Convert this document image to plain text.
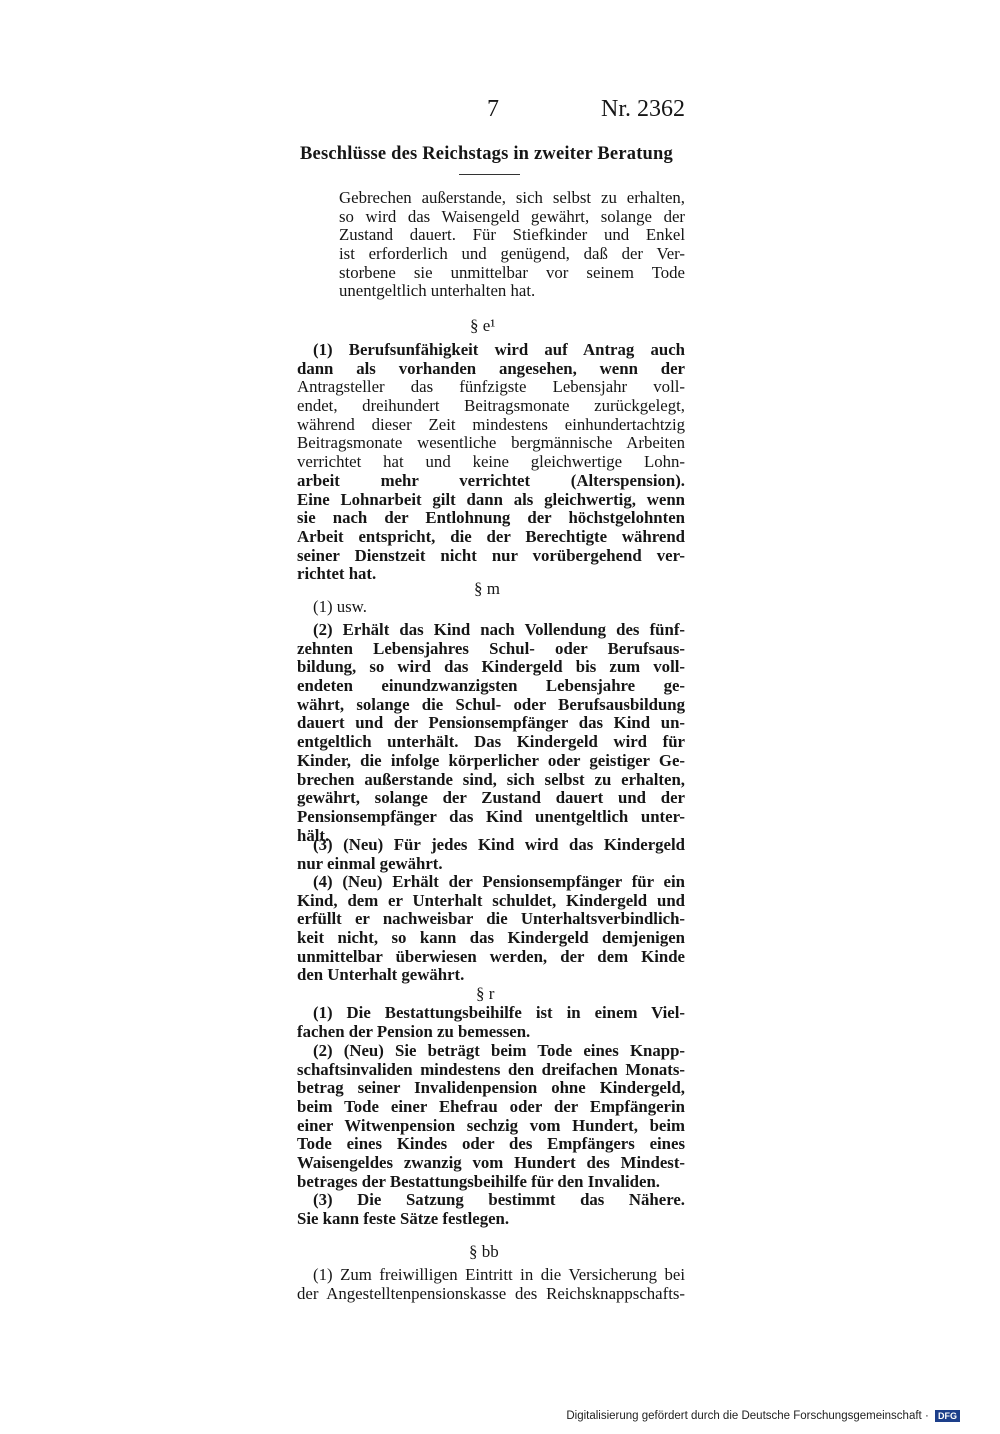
7	Nr. 2362
Beschlüsse des Reichstags in zweiter Beratung
Gebrechen außerstande, sich selbst zu erhalten,
so wird das Waisengeld gewährt, solange der
Zustand dauert. Für Stiefkinder und Enkel
ist erforderlich und genügend, daß der Ver-
storbene sie unmittelbar vor seinem Tode
unentgeltlich unterhalten hat.
§ e¹
(1) Berufsunfähigkeit wird auf Antrag auch
dann als vorhanden angesehen, wenn der
Antragsteller das fünfzigste Lebensjahr voll-
endet, dreihundert Beitragsmonate zurückgelegt,
während dieser Zeit mindestens einhundertachtzig
Beitragsmonate wesentliche bergmännische Arbeiten
verrichtet hat und keine gleichwertige Lohn-
arbeit mehr verrichtet (Alterspension).
Eine Lohnarbeit gilt dann als gleichwertig, wenn
sie nach der Entlohnung der höchstgelohnten
Arbeit entspricht, die der Berechtigte während
seiner Dienstzeit nicht nur vorübergehend ver-
richtet hat.
§ m
(1) usw.
(2) Erhält das Kind nach Vollendung des fünf-
zehnten Lebensjahres Schul- oder Berufsaus-
bildung, so wird das Kindergeld bis zum voll-
endeten einundzwanzigsten Lebensjahre ge-
währt, solange die Schul- oder Berufsausbildung
dauert und der Pensionsempfänger das Kind un-
entgeltlich unterhält. Das Kindergeld wird für
Kinder, die infolge körperlicher oder geistiger Ge-
brechen außerstande sind, sich selbst zu erhalten,
gewährt, solange der Zustand dauert und der
Pensionsempfänger das Kind unentgeltlich unter-
hält.
(3) (Neu) Für jedes Kind wird das Kindergeld
nur einmal gewährt.
(4) (Neu) Erhält der Pensionsempfänger für ein
Kind, dem er Unterhalt schuldet, Kindergeld und
erfüllt er nachweisbar die Unterhaltsverbindlich-
keit nicht, so kann das Kindergeld demjenigen
unmittelbar überwiesen werden, der dem Kinde
den Unterhalt gewährt.
§ r
(1) Die Bestattungsbeihilfe ist in einem Viel-
fachen der Pension zu bemessen.
(2) (Neu) Sie beträgt beim Tode eines Knapp-
schaftsinvaliden mindestens den dreifachen Monats-
betrag seiner Invalidenpension ohne Kindergeld,
beim Tode einer Ehefrau oder der Empfängerin
einer Witwenpension sechzig vom Hundert, beim
Tode eines Kindes oder des Empfängers eines
Waisengeldes zwanzig vom Hundert des Mindest-
betrages der Bestattungsbeihilfe für den Invaliden.
(3) Die Satzung bestimmt das Nähere.
Sie kann feste Sätze festlegen.
§ bb
(1) Zum freiwilligen Eintritt in die Versicherung bei
der Angestelltenpensionskasse des Reichsknappschafts-
Digitalisierung gefördert durch die Deutsche Forschungsgemeinschaft · DFG
